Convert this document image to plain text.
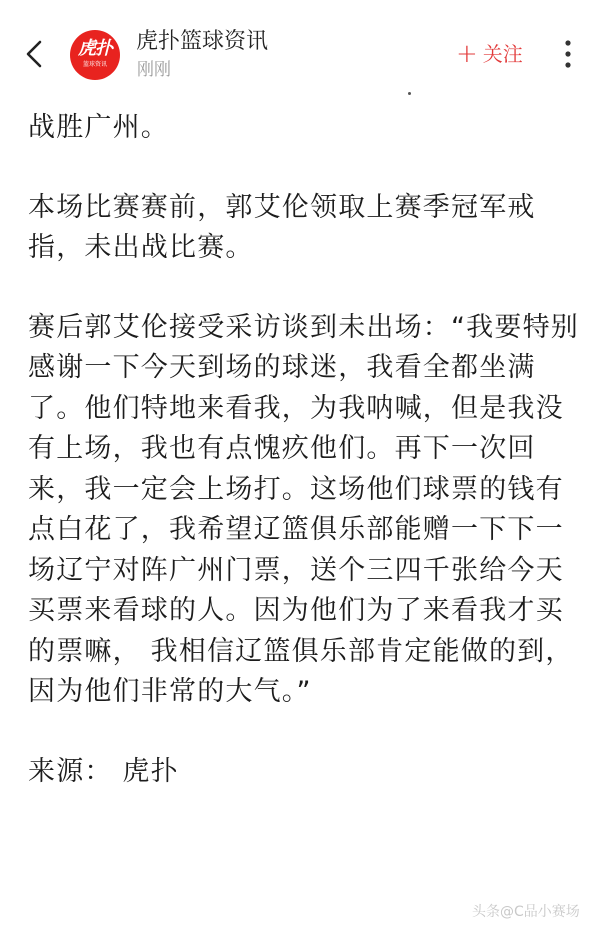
虎扑
篮球资讯
虎扑篮球资讯
刚刚
+ 关注

战胜广州。

本场比赛赛前，郭艾伦领取上赛季冠军戒指，未出战比赛。

赛后郭艾伦接受采访谈到未出场：“我要特别感谢一下今天到场的球迷，我看全都坐满了。他们特地来看我，为我呐喊，但是我没有上场，我也有点愧疚他们。再下一次回来，我一定会上场打。这场他们球票的钱有点白花了，我希望辽篮俱乐部能赠一下下一场辽宁对阵广州门票，送个三四千张给今天买票来看球的人。因为他们为了来看我才买的票嘛， 我相信辽篮俱乐部肯定能做的到，因为他们非常的大气。”

来源： 虎扑

头条@C品小赛场
